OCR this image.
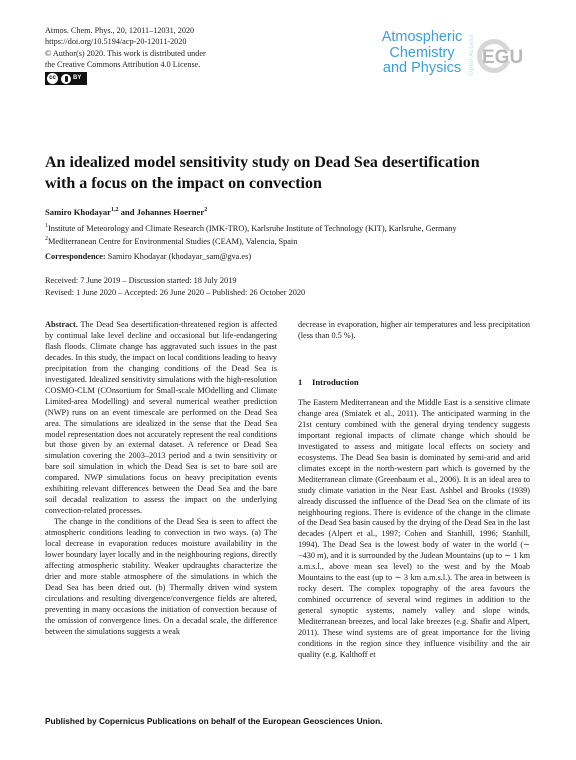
Atmos. Chem. Phys., 20, 12011–12031, 2020
https://doi.org/10.5194/acp-20-12011-2020
© Author(s) 2020. This work is distributed under
the Creative Commons Attribution 4.0 License.
cc	BY
Atmospheric
Chemistry
and Physics	Open Access EGU
An idealized model sensitivity study on Dead Sea desertification
with a focus on the impact on convection
Samiro Khodayar$^{1,2}$ and Johannes Hoerner$^2$
$^1$Institute of Meteorology and Climate Research (IMK-TRO), Karlsruhe Institute of Technology (KIT), Karlsruhe, Germany
$^2$Mediterranean Centre for Environmental Studies (CEAM), Valencia, Spain
Correspondence: Samiro Khodayar (khodayar_sam@gva.es)
Received: 7 June 2019 – Discussion started: 18 July 2019
Revised: 1 June 2020 – Accepted: 26 June 2020 – Published: 26 October 2020

Abstract. The Dead Sea desertification-threatened region is affected by continual lake level decline and occasional but life-endangering flash floods. Climate change has aggravated such issues in the past decades. In this study, the impact on local conditions leading to heavy precipitation from the changing conditions of the Dead Sea is investigated. Idealized sensitivity simulations with the high-resolution COSMO-CLM (COnsortium for Small-scale MOdelling and Climate Limited-area Modelling) and several numerical weather prediction (NWP) runs on an event timescale are performed on the Dead Sea area. The simulations are idealized in the sense that the Dead Sea model representation does not accurately represent the real conditions but those given by an external dataset. A reference or Dead Sea simulation covering the 2003–2013 period and a twin sensitivity or bare soil simulation in which the Dead Sea is set to bare soil are compared. NWP simulations focus on heavy precipitation events exhibiting relevant differences between the Dead Sea and the bare soil decadal realization to assess the impact on the underlying convection-related processes.

The change in the conditions of the Dead Sea is seen to affect the atmospheric conditions leading to convection in two ways. (a) The local decrease in evaporation reduces moisture availability in the lower boundary layer locally and in the neighbouring regions, directly affecting atmospheric stability. Weaker updraughts characterize the drier and more stable atmosphere of the simulations in which the Dead Sea has been dried out. (b) Thermally driven wind system circulations and resulting divergence/convergence fields are altered, preventing in many occasions the initiation of convection because of the omission of convergence lines. On a decadal scale, the difference between the simulations suggests a weak

decrease in evaporation, higher air temperatures and less precipitation (less than 0.5 %).

1 Introduction
The Eastern Mediterranean and the Middle East is a sensitive climate change area (Smiatek et al., 2011). The anticipated warming in the 21st century combined with the general drying tendency suggests important regional impacts of climate change which should be investigated to assess and mitigate local effects on society and ecosystems. The Dead Sea basin is dominated by semi-arid and arid climates except in the north-western part which is governed by the Mediterranean climate (Greenbaum et al., 2006). It is an ideal area to study climate variation in the Near East. Ashbel and Brooks (1939) already discussed the influence of the Dead Sea on the climate of its neighbouring regions. There is evidence of the change in the climate of the Dead Sea basin caused by the drying of the Dead Sea in the last decades (Alpert et al., 1997; Cohen and Stanhill, 1996; Stanhill, 1994). The Dead Sea is the lowest body of water in the world (∼ −430 m), and it is surrounded by the Judean Mountains (up to ∼ 1 km a.m.s.l., above mean sea level) to the west and by the Moab Mountains to the east (up to ∼ 3 km a.m.s.l.). The area in between is rocky desert. The complex topography of the area favours the combined occurrence of several wind regimes in addition to the general synoptic systems, namely valley and slope winds, Mediterranean breezes, and local lake breezes (e.g. Shafir and Alpert, 2011). These wind systems are of great importance for the living conditions in the region since they influence visibility and the air quality (e.g. Kalthoff et
Published by Copernicus Publications on behalf of the European Geosciences Union.
